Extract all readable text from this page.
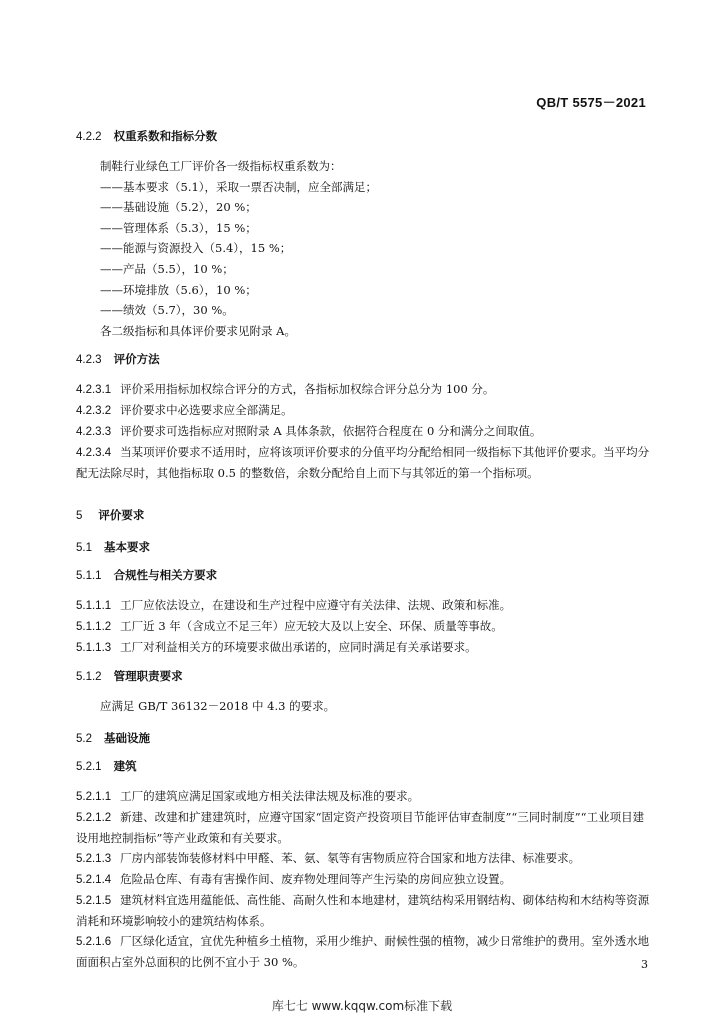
QB/T 5575－2021
4.2.2 权重系数和指标分数
制鞋行业绿色工厂评价各一级指标权重系数为：
——基本要求（5.1），采取一票否决制，应全部满足；
——基础设施（5.2），20 %；
——管理体系（5.3），15 %；
——能源与资源投入（5.4），15 %；
——产品（5.5），10 %；
——环境排放（5.6），10 %；
——绩效（5.7），30 %。
各二级指标和具体评价要求见附录 A。
4.2.3 评价方法

4.2.3.1 评价采用指标加权综合评分的方式，各指标加权综合评分总分为 100 分。

4.2.3.2 评价要求中必选要求应全部满足。

4.2.3.3 评价要求可选指标应对照附录 A 具体条款，依据符合程度在 0 分和满分之间取值。

4.2.3.4 当某项评价要求不适用时，应将该项评价要求的分值平均分配给相同一级指标下其他评价要求。当平均分配无法除尽时，其他指标取 0.5 的整数倍，余数分配给自上而下与其邻近的第一个指标项。

5 评价要求
5.1 基本要求
5.1.1 合规性与相关方要求

5.1.1.1 工厂应依法设立，在建设和生产过程中应遵守有关法律、法规、政策和标准。

5.1.1.2 工厂近 3 年（含成立不足三年）应无较大及以上安全、环保、质量等事故。

5.1.1.3 工厂对利益相关方的环境要求做出承诺的，应同时满足有关承诺要求。

5.1.2 管理职责要求

应满足 GB/T 36132－2018 中 4.3 的要求。

5.2 基础设施
5.2.1 建筑

5.2.1.1 工厂的建筑应满足国家或地方相关法律法规及标准的要求。

5.2.1.2 新建、改建和扩建建筑时，应遵守国家“固定资产投资项目节能评估审查制度”“三同时制度”“工业项目建设用地控制指标”等产业政策和有关要求。

5.2.1.3 厂房内部装饰装修材料中甲醛、苯、氨、氡等有害物质应符合国家和地方法律、标准要求。

5.2.1.4 危险品仓库、有毒有害操作间、废弃物处理间等产生污染的房间应独立设置。

5.2.1.5 建筑材料宜选用蕴能低、高性能、高耐久性和本地建材，建筑结构采用钢结构、砌体结构和木结构等资源消耗和环境影响较小的建筑结构体系。

5.2.1.6 厂区绿化适宜，宜优先种植乡土植物，采用少维护、耐候性强的植物，减少日常维护的费用。室外透水地面面积占室外总面积的比例不宜小于 30 %。	3
库七七 www.kqqw.com标准下载
